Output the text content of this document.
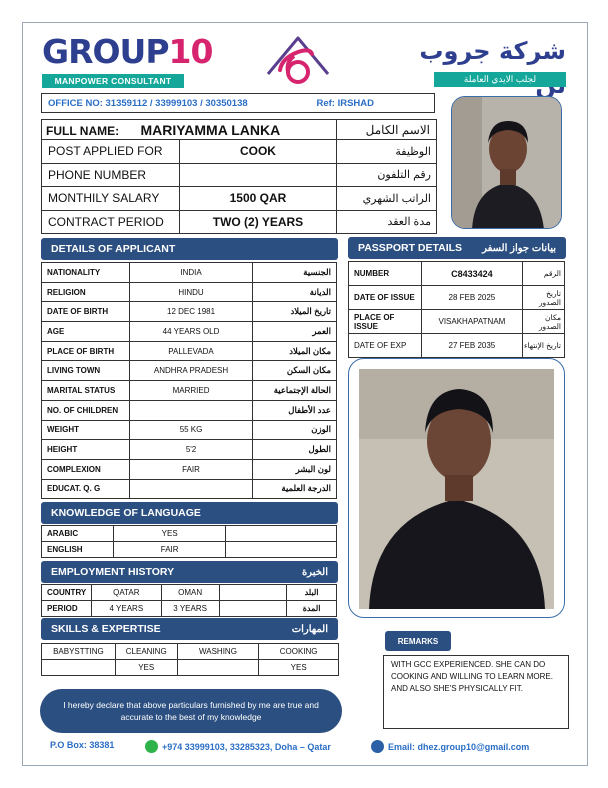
GROUP10
MANPOWER CONSULTANT
شركة جروب
لجلب الايدي العاملة
OFFICE NO: 31359112 / 33999103 / 30350138	Ref: IRSHAD
FULL NAME: MARIYAMMA LANKA		الاسم الكامل
POST APPLIED FOR	COOK	الوظيفة
PHONE NUMBER		رقم التلفون
MONTHILY SALARY	1500 QAR	الراتب الشهري
CONTRACT PERIOD	TWO (2) YEARS	مدة العقد
DETAILS OF APPLICANT
NATIONALITY	INDIA	الجنسية
RELIGION	HINDU	الديانة
DATE OF BIRTH	12 DEC 1981	تاريخ الميلاد
AGE	44 YEARS OLD	العمر
PLACE OF BIRTH	PALLEVADA	مكان الميلاد
LIVING TOWN	ANDHRA PRADESH	مكان السكن
MARITAL STATUS	MARRIED	الحالة الإجتماعية
NO. OF CHILDREN		عدد الأطفال
WEIGHT	55 KG	الوزن
HEIGHT	5'2	الطول
COMPLEXION	FAIR	لون البشر
EDUCAT. Q. G		الدرجة العلمية
KNOWLEDGE OF LANGUAGE
ARABIC	YES	
ENGLISH	FAIR	
EMPLOYMENT HISTORY	الخبرة
COUNTRY	QATAR	OMAN		البلد
PERIOD	4 YEARS	3 YEARS		المدة
SKILLS & EXPERTISE	المهارات
BABYSTTING	CLEANING	WASHING	COOKING
	YES		YES
PASSPORT DETAILS بيانات جواز السفر
NUMBER	C8433424	الرقم
DATE OF ISSUE	28 FEB 2025	تاريخ الصدور
PLACE OF ISSUE	VISAKHAPATNAM	مكان الصدور
DATE OF EXP	27 FEB 2035	تاريخ الإنتهاء
REMARKS
WITH GCC EXPERIENCED. SHE CAN DO COOKING AND WILLING TO LEARN MORE. AND ALSO SHE'S PHYSICALLY FIT.
I hereby declare that above particulars furnished by me are true and accurate to the best of my knowledge
P.O Box: 38381	+974 33999103, 33285323, Doha – Qatar	Email: dhez.group10@gmail.com
